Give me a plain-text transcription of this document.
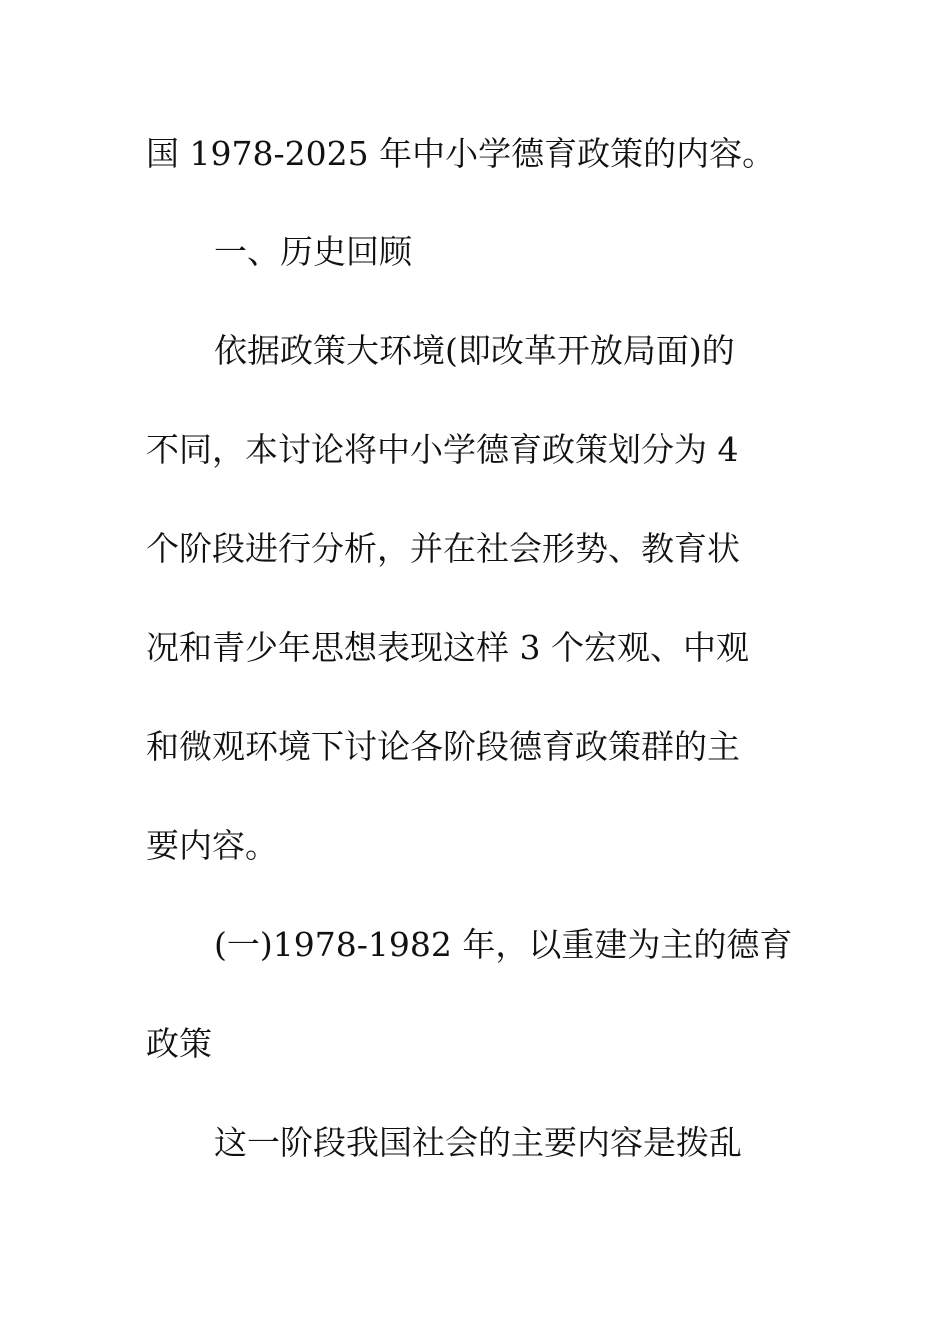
国 1978-2025 年中小学德育政策的内容。
一、历史回顾
依据政策大环境(即改革开放局面)的
不同，本讨论将中小学德育政策划分为 4
个阶段进行分析，并在社会形势、教育状
况和青少年思想表现这样 3 个宏观、中观
和微观环境下讨论各阶段德育政策群的主
要内容。
(一)1978-1982 年，以重建为主的德育
政策
这一阶段我国社会的主要内容是拨乱
